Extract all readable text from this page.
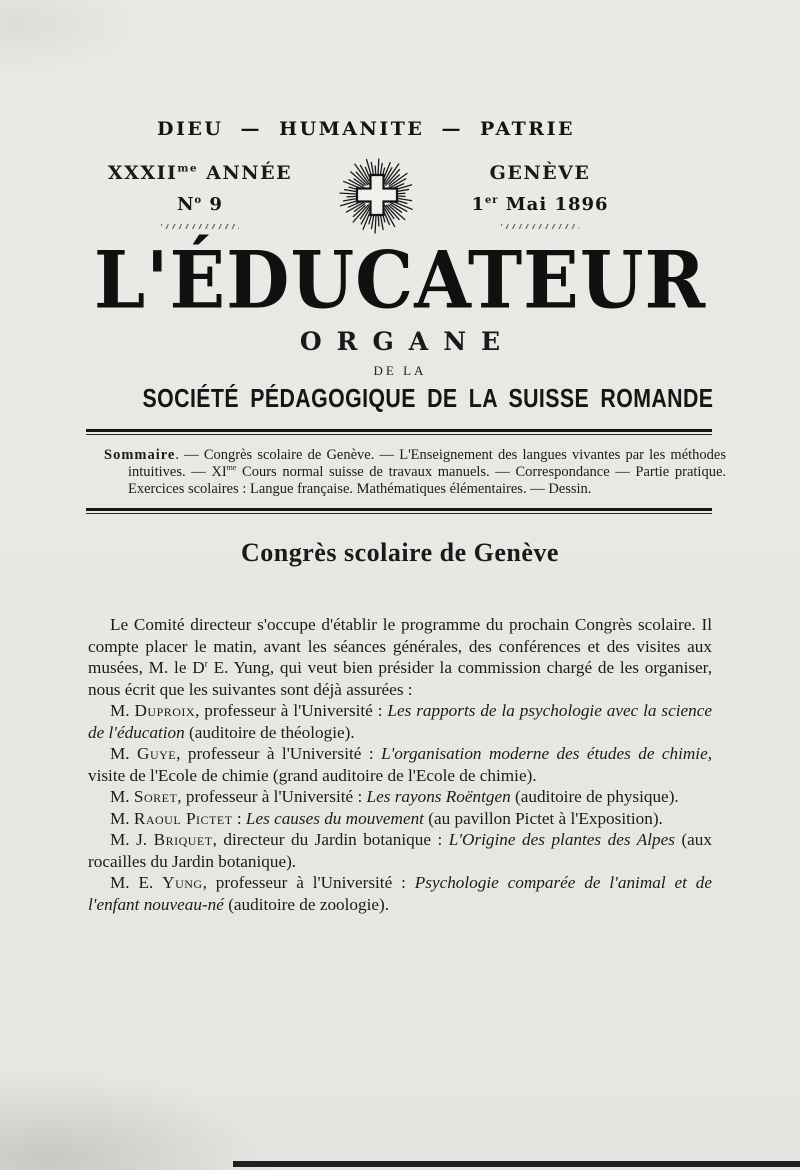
DIEU — HUMANITE — PATRIE
$XXXII^{me}$ ANNÉE
$N^o$ 9
GENÈVE
1er Mai 1896
L'ÉDUCATEUR
ORGANE
DE LA
SOCIÉTÉ PÉDAGOGIQUE DE LA SUISSE ROMANDE
Sommaire. — Congrès scolaire de Genève. — L'Enseignement des langues vivantes par les méthodes intuitives. — $XI^{me}$ Cours normal suisse de travaux manuels. — Correspondance — Partie pratique. Exercices scolaires : Langue française. Mathématiques élémentaires. — Dessin.
Congrès scolaire de Genève

Le Comité directeur s'occupe d'établir le programme du prochain Congrès scolaire. Il compte placer le matin, avant les séances générales, des conférences et des visites aux musées, M. le $D^r$ E. Yung, qui veut bien présider la commission chargé de les organiser, nous écrit que les suivantes sont déjà assurées :

M. Duproix, professeur à l'Université : Les rapports de la psychologie avec la science de l'éducation (auditoire de théologie).

M. Guye, professeur à l'Université : L'organisation moderne des études de chimie, visite de l'Ecole de chimie (grand auditoire de l'Ecole de chimie).

M. Soret, professeur à l'Université : Les rayons Roëntgen (auditoire de physique).

M. Raoul Pictet : Les causes du mouvement (au pavillon Pictet à l'Exposition).

M. J. Briquet, directeur du Jardin botanique : L'Origine des plantes des Alpes (aux rocailles du Jardin botanique).

M. E. Yung, professeur à l'Université : Psychologie comparée de l'animal et de l'enfant nouveau-né (auditoire de zoologie).
